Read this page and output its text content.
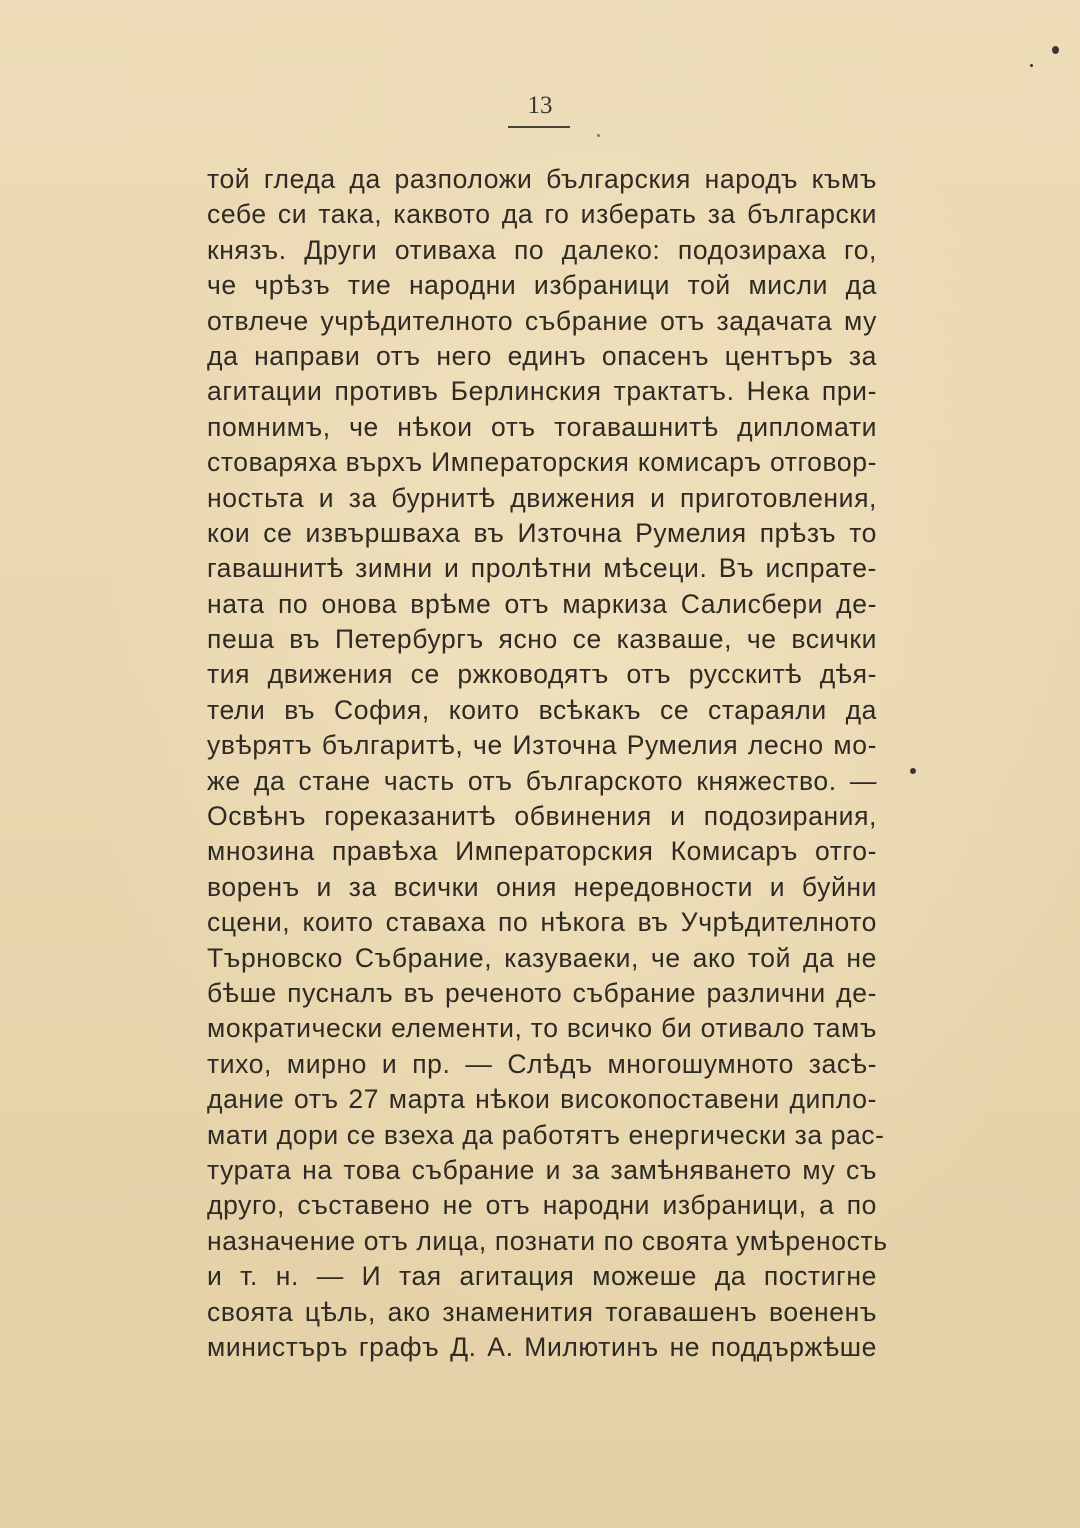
13
той гледа да разположи българския народъ къмъ
себе си така, каквото да го изберать за български
князъ. Други отиваха по далеко: подозираха го,
че чрѣзъ тие народни избраници той мисли да
отвлече учрѣдителното събрание отъ задачата му
да направи отъ него единъ опасенъ центъръ за
агитации противъ Берлинския трактатъ. Нека при-
помнимъ, че нѣкои отъ тогавашнитѣ дипломати
стоваряха върхъ Императорския комисаръ отговор-
ностьта и за бурнитѣ движения и приготовления,
кои се извършваха въ Източна Румелия прѣзъ то
гавашнитѣ зимни и пролѣтни мѣсеци. Въ испрате-
ната по онова врѣме отъ маркиза Салисбери де-
пеша въ Петербургъ ясно се казваше, че всички
тия движения се ржководятъ отъ русскитѣ дѣя-
тели въ София, които всѣкакъ се стараяли да
увѣрятъ българитѣ, че Източна Румелия лесно мо-
же да стане часть отъ българското княжество. —
Освѣнъ гореказанитѣ обвинения и подозирания,
мнозина правѣха Императорския Комисаръ отго-
воренъ и за всички ония нередовности и буйни
сцени, които ставаха по нѣкога въ Учрѣдителното
Търновско Събрание, казуваеки, че ако той да не
бѣше пусналъ въ реченото събрание различни де-
мократически елементи, то всичко би отивало тамъ
тихо, мирно и пр. — Слѣдъ многошумното засѣ-
дание отъ 27 марта нѣкои високопоставени дипло-
мати дори се взеха да работятъ енергически за рас-
турата на това събрание и за замѣняването му съ
друго, съставено не отъ народни избраници, а по
назначение отъ лица, познати по своята умѣреность
и т. н. — И тая агитация можеше да постигне
своята цѣль, ако знаменития тогавашенъ воененъ
министъръ графъ Д. А. Милютинъ не поддържѣше
